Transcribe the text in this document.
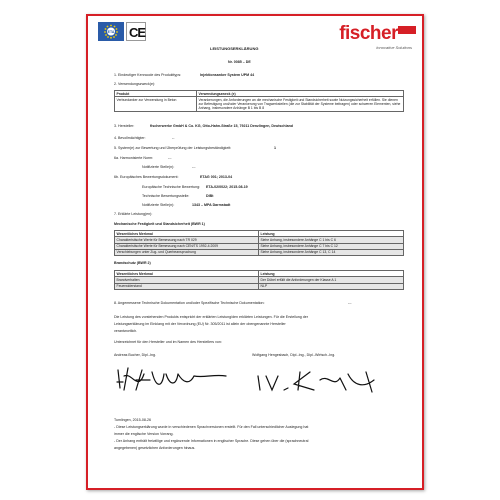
ETA CE	fischer
Innovative Solutions
LEISTUNGSERKLÄRUNG
Nr. 0085 – DE
1. Eindeutiger Kenncode des Produkttyps:	Injektionsanker System UPM 44
2. Verwendungszweck(e):
Produkt	Verwendungszweck (e)
Verbundanker zur Verwendung in Beton	Verankerungen, die Anforderungen an die mechanische Festigkeit und Standsicherheit sowie Nutzungssicherheit erfüllen. Sie dienen zur Befestigung und/oder Verankerung von Tragwerksteilen (die zur Stabilität der Systeme beitragen) oder schweren Elementen, siehe Anhang, insbesondere Anhänge B 1 bis B 8
3. Hersteller:	fischerwerke GmbH & Co. KG, Otto-Hahn-Straße 15, 79211 Denzlingen, Deutschland
4. Bevollmächtigter:	--
5. System(e) zur Bewertung und Überprüfung der Leistungsbeständigkeit:	1
6a. Harmonisierte Norm:	---
Notifizierte Stelle(n):	---
6b. Europäisches Bewertungsdokument:	ETAG 001; 2013-04
Europäische Technische Bewertung: ETA-02/0022; 2015-08-19
Technische Bewertungsstelle:	DIBt
Notifizierte Stelle(n):	1343 – MPA Darmstadt
7. Erklärte Leistung(en):
Mechanische Festigkeit und Standsicherheit (BWR 1)
Wesentliches Merkmal	Leistung
Charakteristische Werte für Bemessung nach TR 029	Siehe Anhang, insbesondere Anhänge C 1 bis C 6
Charakteristische Werte für Bemessung nach CEN/TS 1992-4:2009	Siehe Anhang, insbesondere Anhänge C 7 bis C 12
Verschiebungen unter Zug- und Querbeanspruchung	Siehe Anhang, insbesondere Anhänge C 13, C 14
Brandschutz (BWR 2)
Wesentliches Merkmal	Leistung
Brandverhalten	Der Dübel erfüllt die Anforderungen der Klasse A 1
Feuerwiderstand	NLP
8. Angemessene Technische Dokumentation und/oder Spezifische Technische Dokumentation:	---
Die Leistung des vorstehenden Produkts entspricht der erklärten Leistung/den erklärten Leistungen. Für die Erstellung der
Leistungserklärung im Einklang mit der Verordnung (EU) Nr. 305/2011 ist allein der obengenannte Hersteller
verantwortlich.
Unterzeichnet für den Hersteller und im Namen des Herstellers von:
Andreas Bucher, Dipl.-Ing.	Wolfgang Hengesbach, Dipl.-Ing., Dipl.-Wirtsch.-Ing.
Tumlingen, 2015-08-26
- Diese Leistungserklärung wurde in verschiedenen Sprachversionen erstellt. Für den Fall unterschiedlicher Auslegung hat
immer die englische Version Vorrang.
- Der Anhang enthält freiwillige und ergänzende Informationen in englischer Sprache. Diese gehen über die (sprachneutral
angegebenen) gesetzlichen Anforderungen hinaus.
